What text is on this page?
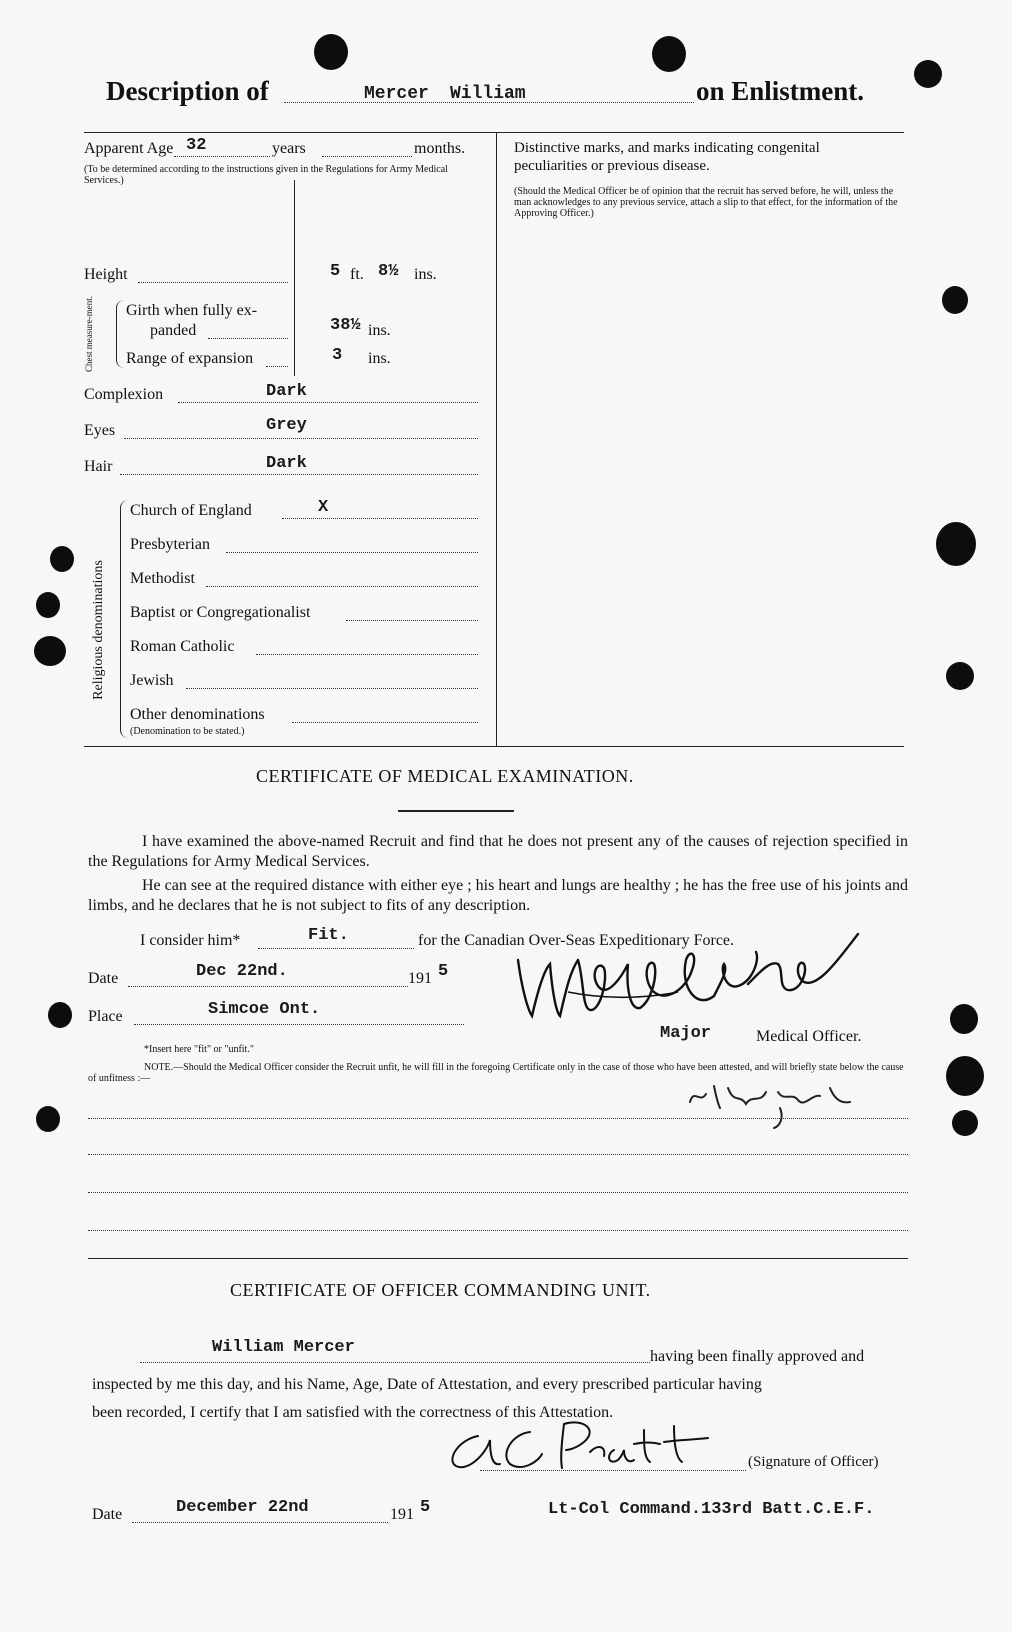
Description of	Mercer William	on Enlistment.
Apparent Age 32	years	months.
(To be determined according to the instructions given in the Regulations for Army Medical Services.)
Height	5 ft. 8½ ins.
Chest measure-ment.	Girth when fully ex-
panded	38½ ins.
Range of expansion	3 ins.
Complexion	Dark
Eyes	Grey
Hair	Dark
Religious denominations
Church of England	X
Presbyterian
Methodist
Baptist or Congregationalist
Roman Catholic
Jewish
Other denominations
(Denomination to be stated.)
Distinctive marks, and marks indicating congenital
peculiarities or previous disease.
(Should the Medical Officer be of opinion that the recruit has served before, he will, unless the man acknowledges to any previous service, attach a slip to that effect, for the information of the Approving Officer.)
CERTIFICATE OF MEDICAL EXAMINATION.
I have examined the above-named Recruit and find that he does not present any of the causes of rejection specified in the Regulations for Army Medical Services.
He can see at the required distance with either eye ; his heart and lungs are healthy ; he has the free use of his joints and limbs, and he declares that he is not subject to fits of any description.
I consider him*	Fit.	for the Canadian Over-Seas Expeditionary Force.
Date	Dec 22nd.	191 5
Place	Simcoe Ont.
Major	Medical Officer.
*Insert here "fit" or "unfit."
NOTE.—Should the Medical Officer consider the Recruit unfit, he will fill in the foregoing Certificate only in the case of those who have been attested, and will briefly state below the cause of unfitness :—
CERTIFICATE OF OFFICER COMMANDING UNIT.
William Mercer	having been finally approved and
inspected by me this day, and his Name, Age, Date of Attestation, and every prescribed particular having
been recorded, I certify that I am satisfied with the correctness of this Attestation.
(Signature of Officer)
Date	December 22nd	191 5	Lt-Col Command.133rd Batt.C.E.F.
